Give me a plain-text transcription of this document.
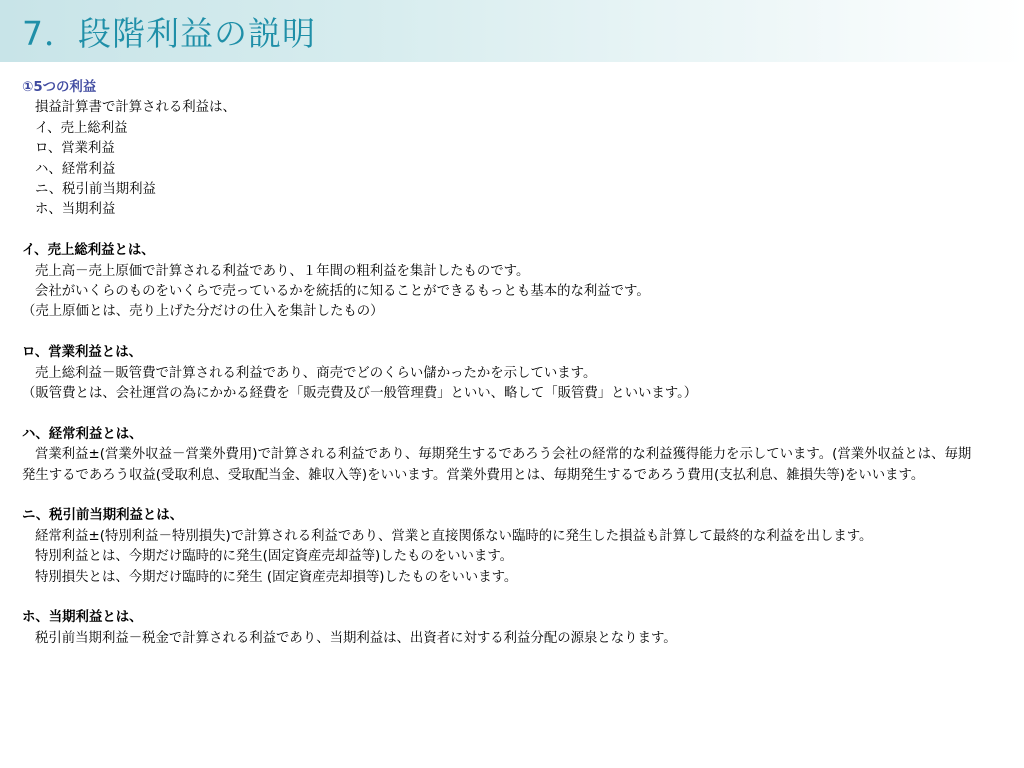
7．段階利益の説明
①5つの利益
損益計算書で計算される利益は、
イ、売上総利益
ロ、営業利益
ハ、経常利益
ニ、税引前当期利益
ホ、当期利益
イ、売上総利益とは、
売上高－売上原価で計算される利益であり、１年間の粗利益を集計したものです。
会社がいくらのものをいくらで売っているかを統括的に知ることができるもっとも基本的な利益です。
（売上原価とは、売り上げた分だけの仕入を集計したもの）
ロ、営業利益とは、
売上総利益－販管費で計算される利益であり、商売でどのくらい儲かったかを示しています。
（販管費とは、会社運営の為にかかる経費を「販売費及び一般管理費」といい、略して「販管費」といいます。）
ハ、経常利益とは、
営業利益±(営業外収益－営業外費用)で計算される利益であり、毎期発生するであろう会社の経常的な利益獲得能力を示しています。(営業外収益とは、毎期発生するであろう収益(受取利息、受取配当金、雑収入等)をいいます。営業外費用とは、毎期発生するであろう費用(支払利息、雑損失等)をいいます。
ニ、税引前当期利益とは、
経常利益±(特別利益－特別損失)で計算される利益であり、営業と直接関係ない臨時的に発生した損益も計算して最終的な利益を出します。
特別利益とは、今期だけ臨時的に発生(固定資産売却益等)したものをいいます。
特別損失とは、今期だけ臨時的に発生 (固定資産売却損等)したものをいいます。
ホ、当期利益とは、
税引前当期利益－税金で計算される利益であり、当期利益は、出資者に対する利益分配の源泉となります。
